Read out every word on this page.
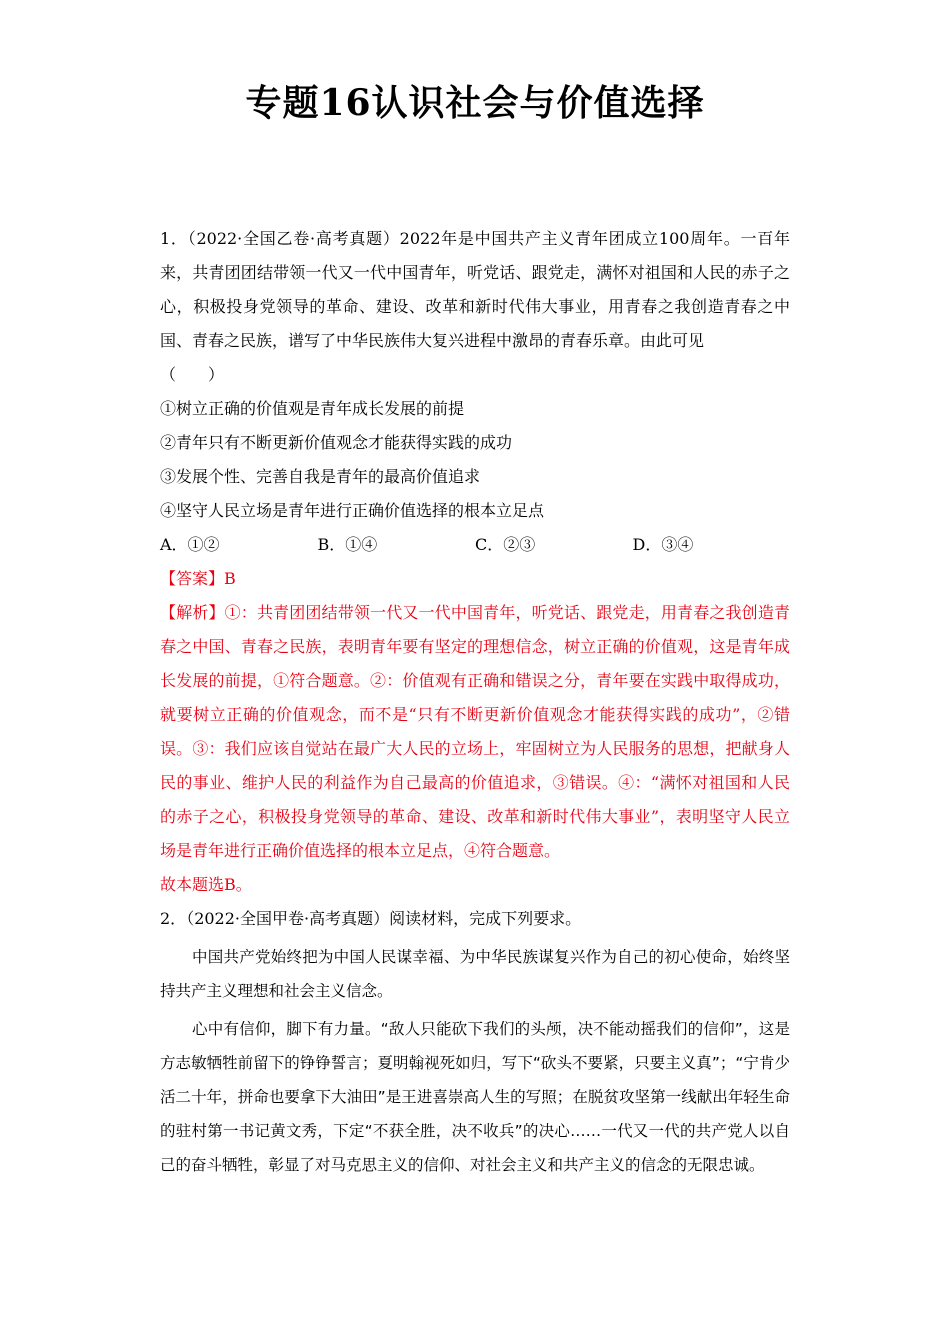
专题16认识社会与价值选择

1．（2022·全国乙卷·高考真题）2022年是中国共产主义青年团成立100周年。一百年来，共青团团结带领一代又一代中国青年，听党话、跟党走，满怀对祖国和人民的赤子之心，积极投身党领导的革命、建设、改革和新时代伟大事业，用青春之我创造青春之中国、青春之民族，谱写了中华民族伟大复兴进程中激昂的青春乐章。由此可见

（　　）

①树立正确的价值观是青年成长发展的前提

②青年只有不断更新价值观念才能获得实践的成功

③发展个性、完善自我是青年的最高价值追求

④坚守人民立场是青年进行正确价值选择的根本立足点

A．①②	B．①④	C．②③	D．③④

【答案】B

【解析】①：共青团团结带领一代又一代中国青年，听党话、跟党走，用青春之我创造青春之中国、青春之民族，表明青年要有坚定的理想信念，树立正确的价值观，这是青年成长发展的前提，①符合题意。②：价值观有正确和错误之分，青年要在实践中取得成功，就要树立正确的价值观念，而不是“只有不断更新价值观念才能获得实践的成功”，②错误。③：我们应该自觉站在最广大人民的立场上，牢固树立为人民服务的思想，把献身人民的事业、维护人民的利益作为自己最高的价值追求，③错误。④：“满怀对祖国和人民的赤子之心，积极投身党领导的革命、建设、改革和新时代伟大事业”，表明坚守人民立场是青年进行正确价值选择的根本立足点，④符合题意。

故本题选B。

2．（2022·全国甲卷·高考真题）阅读材料，完成下列要求。

中国共产党始终把为中国人民谋幸福、为中华民族谋复兴作为自己的初心使命，始终坚持共产主义理想和社会主义信念。

心中有信仰，脚下有力量。“敌人只能砍下我们的头颅，决不能动摇我们的信仰”，这是方志敏牺牲前留下的铮铮誓言；夏明翰视死如归，写下“砍头不要紧，只要主义真”；“宁肯少活二十年，拼命也要拿下大油田”是王进喜崇高人生的写照；在脱贫攻坚第一线献出年轻生命的驻村第一书记黄文秀，下定“不获全胜，决不收兵”的决心……一代又一代的共产党人以自己的奋斗牺牲，彰显了对马克思主义的信仰、对社会主义和共产主义的信念的无限忠诚。
